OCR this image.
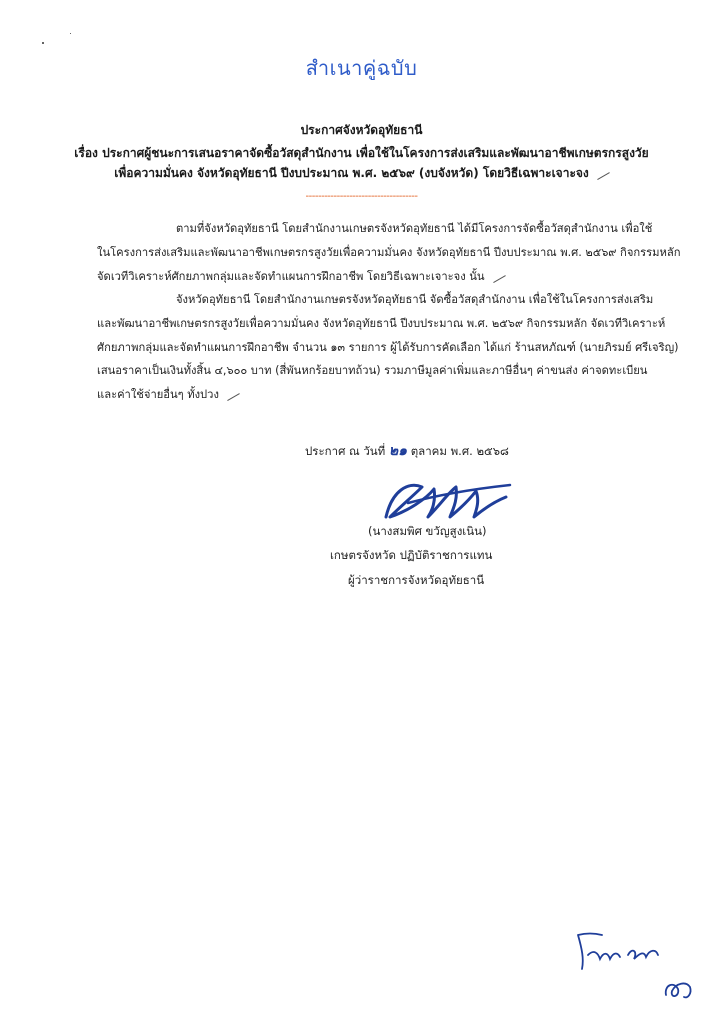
สำเนาคู่ฉบับ
ประกาศจังหวัดอุทัยธานี
เรื่อง ประกาศผู้ชนะการเสนอราคาจัดซื้อวัสดุสำนักงาน เพื่อใช้ในโครงการส่งเสริมและพัฒนาอาชีพเกษตรกรสูงวัย
เพื่อความมั่นคง จังหวัดอุทัยธานี ปีงบประมาณ พ.ศ. ๒๕๖๙ (งบจังหวัด) โดยวิธีเฉพาะเจาะจง
------------------------------------
ตามที่จังหวัดอุทัยธานี โดยสำนักงานเกษตรจังหวัดอุทัยธานี ได้มีโครงการจัดซื้อวัสดุสำนักงาน เพื่อใช้
ในโครงการส่งเสริมและพัฒนาอาชีพเกษตรกรสูงวัยเพื่อความมั่นคง จังหวัดอุทัยธานี ปีงบประมาณ พ.ศ. ๒๕๖๙ กิจกรรมหลัก
จัดเวทีวิเคราะห์ศักยภาพกลุ่มและจัดทำแผนการฝึกอาชีพ โดยวิธีเฉพาะเจาะจง นั้น
จังหวัดอุทัยธานี โดยสำนักงานเกษตรจังหวัดอุทัยธานี จัดซื้อวัสดุสำนักงาน เพื่อใช้ในโครงการส่งเสริม
และพัฒนาอาชีพเกษตรกรสูงวัยเพื่อความมั่นคง จังหวัดอุทัยธานี ปีงบประมาณ พ.ศ. ๒๕๖๙ กิจกรรมหลัก จัดเวทีวิเคราะห์
ศักยภาพกลุ่มและจัดทำแผนการฝึกอาชีพ จำนวน ๑๓ รายการ ผู้ได้รับการคัดเลือก ได้แก่ ร้านสหภัณฑ์ (นายภิรมย์ ศรีเจริญ)
เสนอราคาเป็นเงินทั้งสิ้น ๔,๖๐๐ บาท (สี่พันหกร้อยบาทถ้วน) รวมภาษีมูลค่าเพิ่มและภาษีอื่นๆ ค่าขนส่ง ค่าจดทะเบียน
และค่าใช้จ่ายอื่นๆ ทั้งปวง
ประกาศ ณ วันที่ ๒๑ ตุลาคม พ.ศ. ๒๕๖๘
(นางสมพิศ ขวัญสูงเนิน)
เกษตรจังหวัด ปฏิบัติราชการแทน
ผู้ว่าราชการจังหวัดอุทัยธานี
